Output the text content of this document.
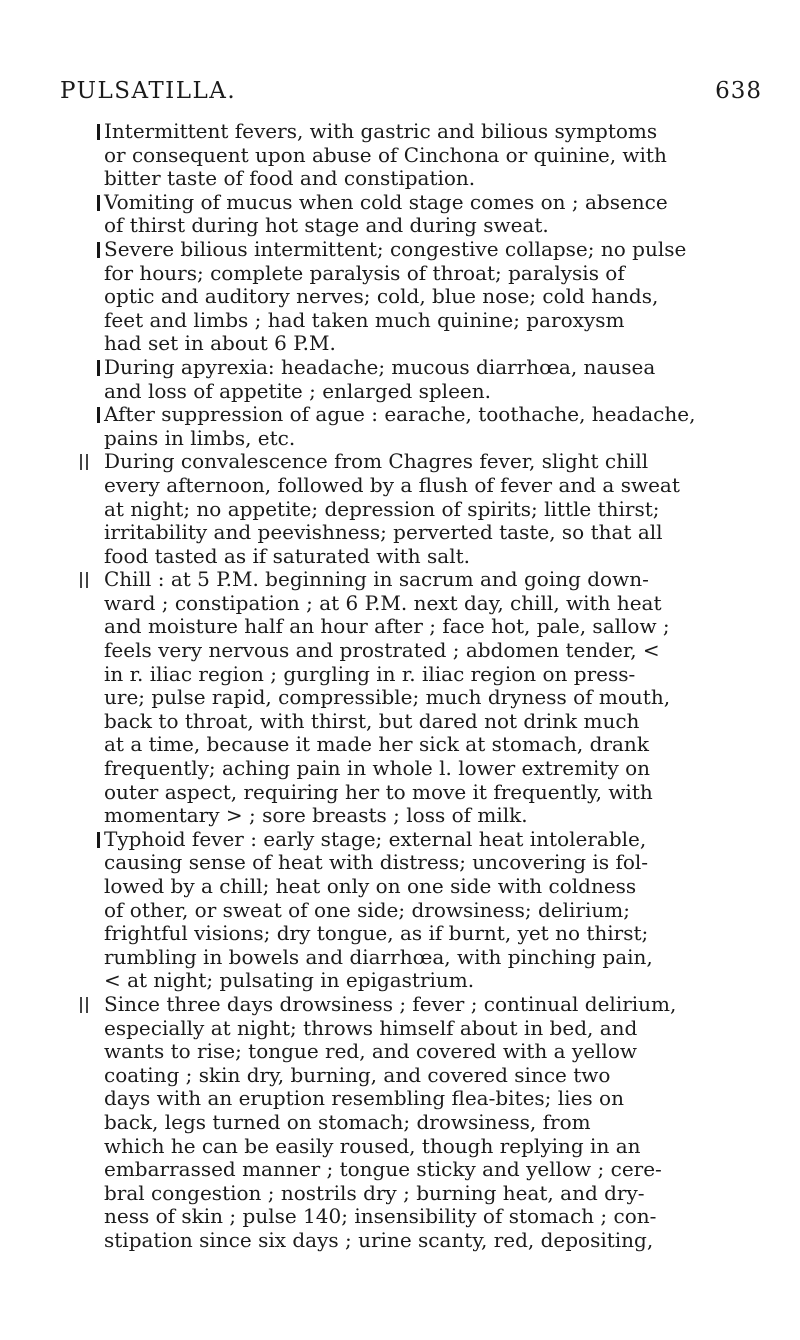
PULSATILLA.	638
Intermittent fevers, with gastric and bilious symptoms
or consequent upon abuse of Cinchona or quinine, with
bitter taste of food and constipation.
Vomiting of mucus when cold stage comes on ; absence
of thirst during hot stage and during sweat.
Severe bilious intermittent; congestive collapse; no pulse
for hours; complete paralysis of throat; paralysis of
optic and auditory nerves; cold, blue nose; cold hands,
feet and limbs ; had taken much quinine; paroxysm
had set in about 6 P.M.
During apyrexia: headache; mucous diarrhœa, nausea
and loss of appetite ; enlarged spleen.
After suppression of ague : earache, toothache, headache,
pains in limbs, etc.
During convalescence from Chagres fever, slight chill
every afternoon, followed by a flush of fever and a sweat
at night; no appetite; depression of spirits; little thirst;
irritability and peevishness; perverted taste, so that all
food tasted as if saturated with salt.
Chill : at 5 P.M. beginning in sacrum and going down-
ward ; constipation ; at 6 P.M. next day, chill, with heat
and moisture half an hour after ; face hot, pale, sallow ;
feels very nervous and prostrated ; abdomen tender, <
in r. iliac region ; gurgling in r. iliac region on press-
ure; pulse rapid, compressible; much dryness of mouth,
back to throat, with thirst, but dared not drink much
at a time, because it made her sick at stomach, drank
frequently; aching pain in whole l. lower extremity on
outer aspect, requiring her to move it frequently, with
momentary > ; sore breasts ; loss of milk.
Typhoid fever : early stage; external heat intolerable,
causing sense of heat with distress; uncovering is fol-
lowed by a chill; heat only on one side with coldness
of other, or sweat of one side; drowsiness; delirium;
frightful visions; dry tongue, as if burnt, yet no thirst;
rumbling in bowels and diarrhœa, with pinching pain,
< at night; pulsating in epigastrium.
Since three days drowsiness ; fever ; continual delirium,
especially at night; throws himself about in bed, and
wants to rise; tongue red, and covered with a yellow
coating ; skin dry, burning, and covered since two
days with an eruption resembling flea-bites; lies on
back, legs turned on stomach; drowsiness, from
which he can be easily roused, though replying in an
embarrassed manner ; tongue sticky and yellow ; cere-
bral congestion ; nostrils dry ; burning heat, and dry-
ness of skin ; pulse 140; insensibility of stomach ; con-
stipation since six days ; urine scanty, red, depositing,
